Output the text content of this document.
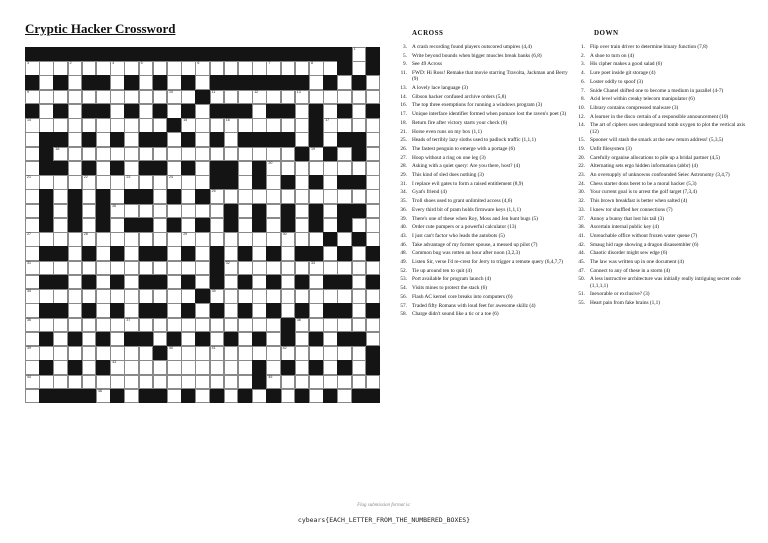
Cryptic Hacker Crossword
1
3	2	4	5	6	7	8
9	10	11	12	13
14	15	16	17
18	19
20
21	22	23	24
25
26
27	28	29	30
31	32	33
34	35
36	37	38
39	40	41	42
43
44	45
46
ACROSS	DOWN
3. A crash recording found players outscored umpires (4,4)
5. Write beyond bounds when bigger muscles break banks (6,8)
9. See 49 Across
11. FWD: Hi Ross! Remake that movie starring Travolta, Jackman and Berry (9)
13. A lovely lace language (3)
14. Gibson hacker confused archive orders (5,8)
16. The top three exemptions for running a windows program (3)
17. Unique interface identifier formed when pomace lost the raven's poet (3)
18. Return fire after victory starts your check (6)
21. Horse even runs on my box (1,1)
25. Heads of terribly lazy sloths used to padlock traffic (1,1,1)
26. The fastest penguin to emerge with a portage (6)
27. Hoop without a ring on one leg (3)
28. Asking with a quiet query: Are you there, host? (4)
29. This kind of sled does nothing (3)
31. I replace evil gates to form a raised entitlement (8,9)
34. Gyat's friend (4)
35. Troll shoes used to grant unlimited access (4,6)
36. Every third bit of pram holds firmware keys (1,1,1)
39. There's one of these when Roy, Moss and Jen hunt bugs (5)
40. Order cute pumpers or a powerful calculator (13)
43. I just can't factor who leads the autobots (5)
46. Take advantage of my former spouse, a messed up pilot (7)
48. Common bug was rotten an hour after noon (3,2,3)
49. Listen Sir, verse I'd re-crest for Jerry to trigger a remote query (6,4,7,7)
52. Tie up around ten to quit (4)
53. Port available for program launch (4)
54. Visits mines to protect the stack (6)
56. Flash AC kernel core breaks into computers (6)
57. Traded fifty Romans with loud feet for awesome skillz (4)
58. Charge didn't sound like a tic or a toe (6)
1. Flip over train driver to determine binary function (7,8)
2. A shoe to turn on (4)
3. His cipher makes a good salad (6)
4. Lure poet inside git storage (4)
6. Loster oddly to spoof (3)
7. Snide Chanel shifted one to become a medium in parallel (4-7)
8. Acid level within creaky telecom manipulator (6)
10. Library contains compressed malware (3)
12. A learner in the disco certain of a responsible announcement (10)
14. The art of ciphers uses underground tomb oxygen to plot the vertical axis (12)
15. Spooner will stash the smack at the new return address! (5,3,5)
19. Unfit filesystem (3)
20. Carefully organise allocations to pile up a bridal partner (4,5)
22. Alternating sets ergo hidden information (abbr) (4)
23. An oversupply of unknowns confounded Seiec Astronomy (3,4,7)
24. Chess starter dons beret to be a moral hacker (5,3)
30. Your current goal is to arrest the golf target (7,3,4)
32. This brown breakfast is better when salted (4)
33. I knew tor shuffled her connections (7)
37. Annoy a bunny that lost his tail (3)
38. Ascertain internal public key (4)
41. Unreachable office without frozen water queue (7)
42. Smaug hid rage showing a dragon disassembler (6)
44. Chaotic disorder might sew edge (6)
45. The law was written up in one document (4)
47. Connect to any of these in a storm (4)
50. A less instructive architecture was initially really intriguing secret code (1,1,1,1)
51. Inexorable or exclusive? (3)
55. Heart pain from fake brains (1,1)
Flag submission format is:
cybears{EACH_LETTER_FROM_THE_NUMBERED_BOXES}
